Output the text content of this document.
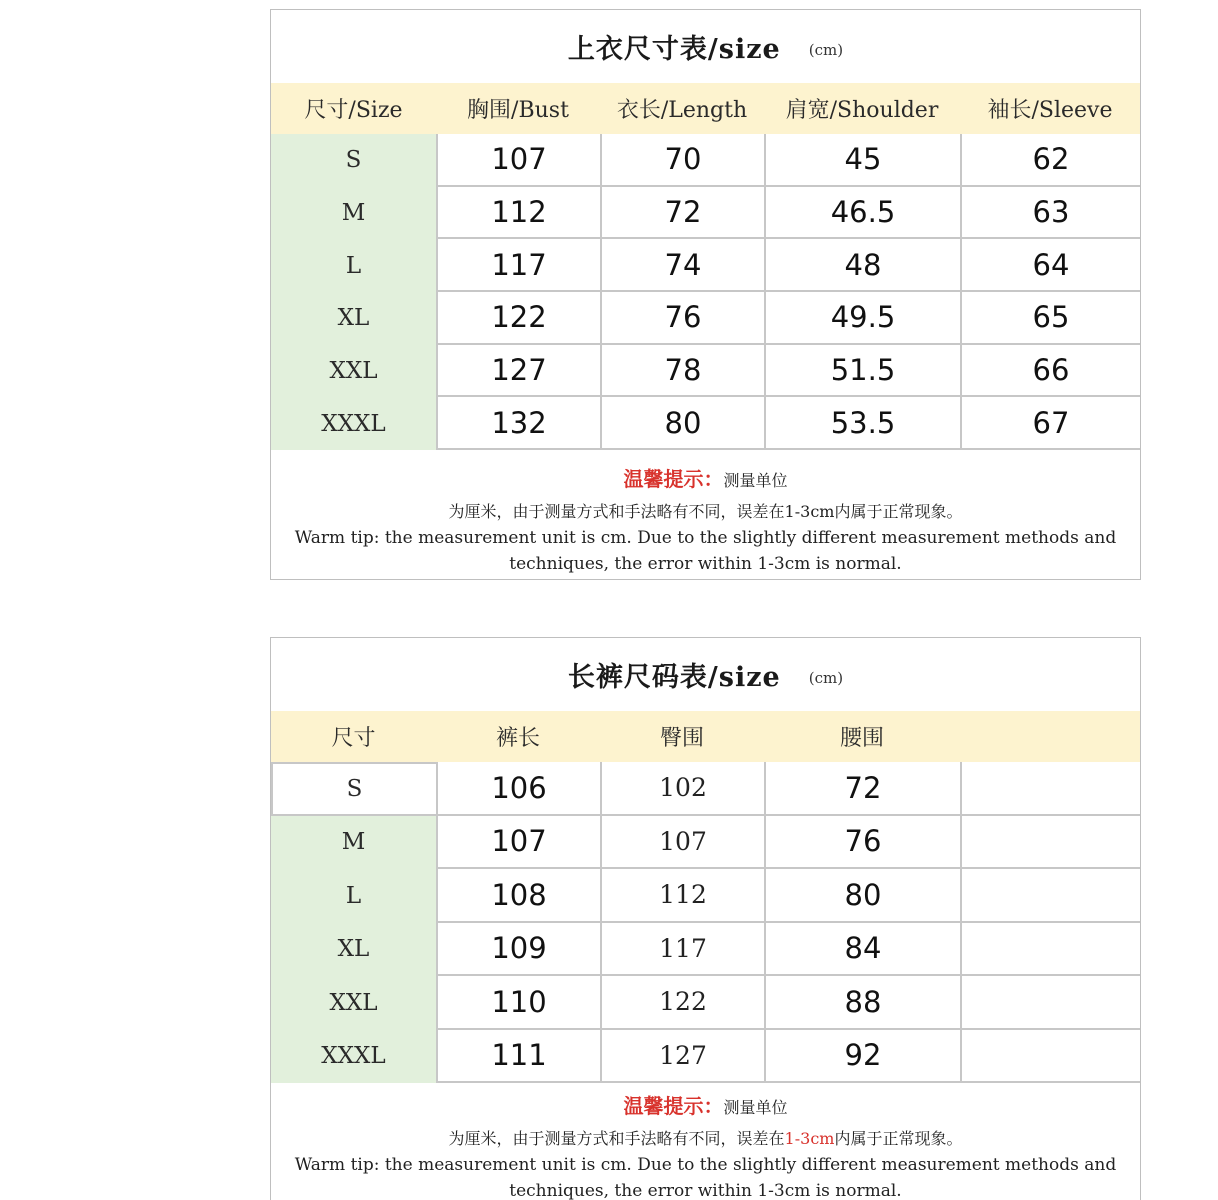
上衣尺寸表/size (cm)
尺寸/Size	胸围/Bust	衣长/Length	肩宽/Shoulder	袖长/Sleeve
S	107	70	45	62
M	112	72	46.5	63
L	117	74	48	64
XL	122	76	49.5	65
XXL	127	78	51.5	66
XXXL	132	80	53.5	67
温馨提示：测量单位
为厘米，由于测量方式和手法略有不同，误差在1-3cm内属于正常现象。
Warm tip: the measurement unit is cm. Due to the slightly different measurement methods and techniques, the error within 1-3cm is normal.
长裤尺码表/size (cm)
尺寸	裤长	臀围	腰围
S	106	102	72
M	107	107	76
L	108	112	80
XL	109	117	84
XXL	110	122	88
XXXL	111	127	92
温馨提示：测量单位
为厘米，由于测量方式和手法略有不同，误差在1-3cm内属于正常现象。
Warm tip: the measurement unit is cm. Due to the slightly different measurement methods and techniques, the error within 1-3cm is normal.
